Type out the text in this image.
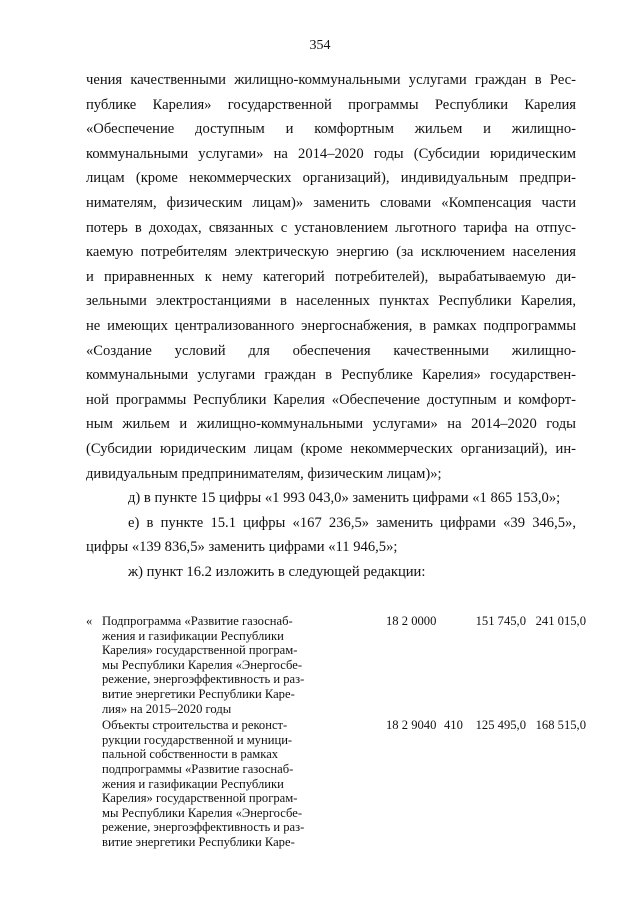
354
чения качественными жилищно-коммунальными услугами граждан в Рес-
публике Карелия» государственной программы Республики Карелия
«Обеспечение доступным и комфортным жильем и жилищно-
коммунальными услугами» на 2014–2020 годы (Субсидии юридическим
лицам (кроме некоммерческих организаций), индивидуальным предпри-
нимателям, физическим лицам)» заменить словами «Компенсация части
потерь в доходах, связанных с установлением льготного тарифа на отпус-
каемую потребителям электрическую энергию (за исключением населения
и приравненных к нему категорий потребителей), вырабатываемую ди-
зельными электростанциями в населенных пунктах Республики Карелия,
не имеющих централизованного энергоснабжения, в рамках подпрограммы
«Создание условий для обеспечения качественными жилищно-
коммунальными услугами граждан в Республике Карелия» государствен-
ной программы Республики Карелия «Обеспечение доступным и комфорт-
ным жильем и жилищно-коммунальными услугами» на 2014–2020 годы
(Субсидии юридическим лицам (кроме некоммерческих организаций), ин-
дивидуальным предпринимателям, физическим лицам)»;
д) в пункте 15 цифры «1 993 043,0» заменить цифрами «1 865 153,0»;
е) в пункте 15.1 цифры «167 236,5» заменить цифрами «39 346,5»,
цифры «139 836,5» заменить цифрами «11 946,5»;
ж) пункт 16.2 изложить в следующей редакции:
« Подпрограмма «Развитие газоснаб-
жения и газификации Республики
Карелия» государственной програм-
мы Республики Карелия «Энергосбе-
режение, энергоэффективность и раз-
витие энергетики Республики Каре-
лия» на 2015–2020 годы
18 2 0000	151 745,0 241 015,0
Объекты строительства и реконст-
рукции государственной и муници-
пальной собственности в рамках
подпрограммы «Развитие газоснаб-
жения и газификации Республики
Карелия» государственной програм-
мы Республики Карелия «Энергосбе-
режение, энергоэффективность и раз-
витие энергетики Республики Каре-
18 2 9040 410	125 495,0 168 515,0
